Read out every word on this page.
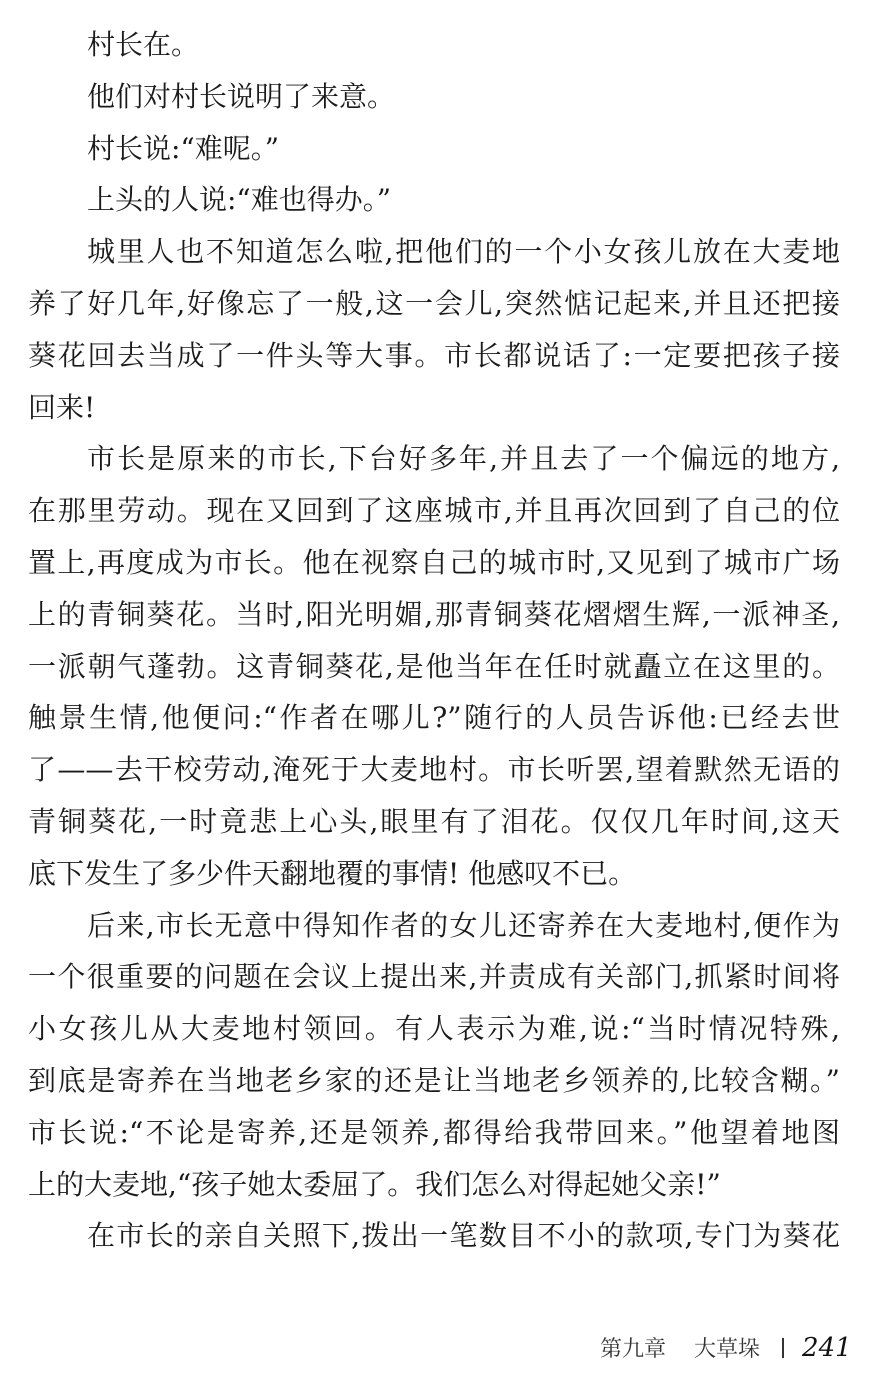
村长在。
他们对村长说明了来意。
村长说:“难呢。”
上头的人说:“难也得办。”
城里人也不知道怎么啦,把他们的一个小女孩儿放在大麦地
养了好几年,好像忘了一般,这一会儿,突然惦记起来,并且还把接
葵花回去当成了一件头等大事。市长都说话了:一定要把孩子接
回来!
市长是原来的市长,下台好多年,并且去了一个偏远的地方,
在那里劳动。现在又回到了这座城市,并且再次回到了自己的位
置上,再度成为市长。他在视察自己的城市时,又见到了城市广场
上的青铜葵花。当时,阳光明媚,那青铜葵花熠熠生辉,一派神圣,
一派朝气蓬勃。这青铜葵花,是他当年在任时就矗立在这里的。
触景生情,他便问:“作者在哪儿?”随行的人员告诉他:已经去世
了——去干校劳动,淹死于大麦地村。市长听罢,望着默然无语的
青铜葵花,一时竟悲上心头,眼里有了泪花。仅仅几年时间,这天
底下发生了多少件天翻地覆的事情! 他感叹不已。
后来,市长无意中得知作者的女儿还寄养在大麦地村,便作为
一个很重要的问题在会议上提出来,并责成有关部门,抓紧时间将
小女孩儿从大麦地村领回。有人表示为难,说:“当时情况特殊,
到底是寄养在当地老乡家的还是让当地老乡领养的,比较含糊。”
市长说:“不论是寄养,还是领养,都得给我带回来。”他望着地图
上的大麦地,“孩子她太委屈了。我们怎么对得起她父亲!”
在市长的亲自关照下,拨出一笔数目不小的款项,专门为葵花
第九章 大草垛 241
